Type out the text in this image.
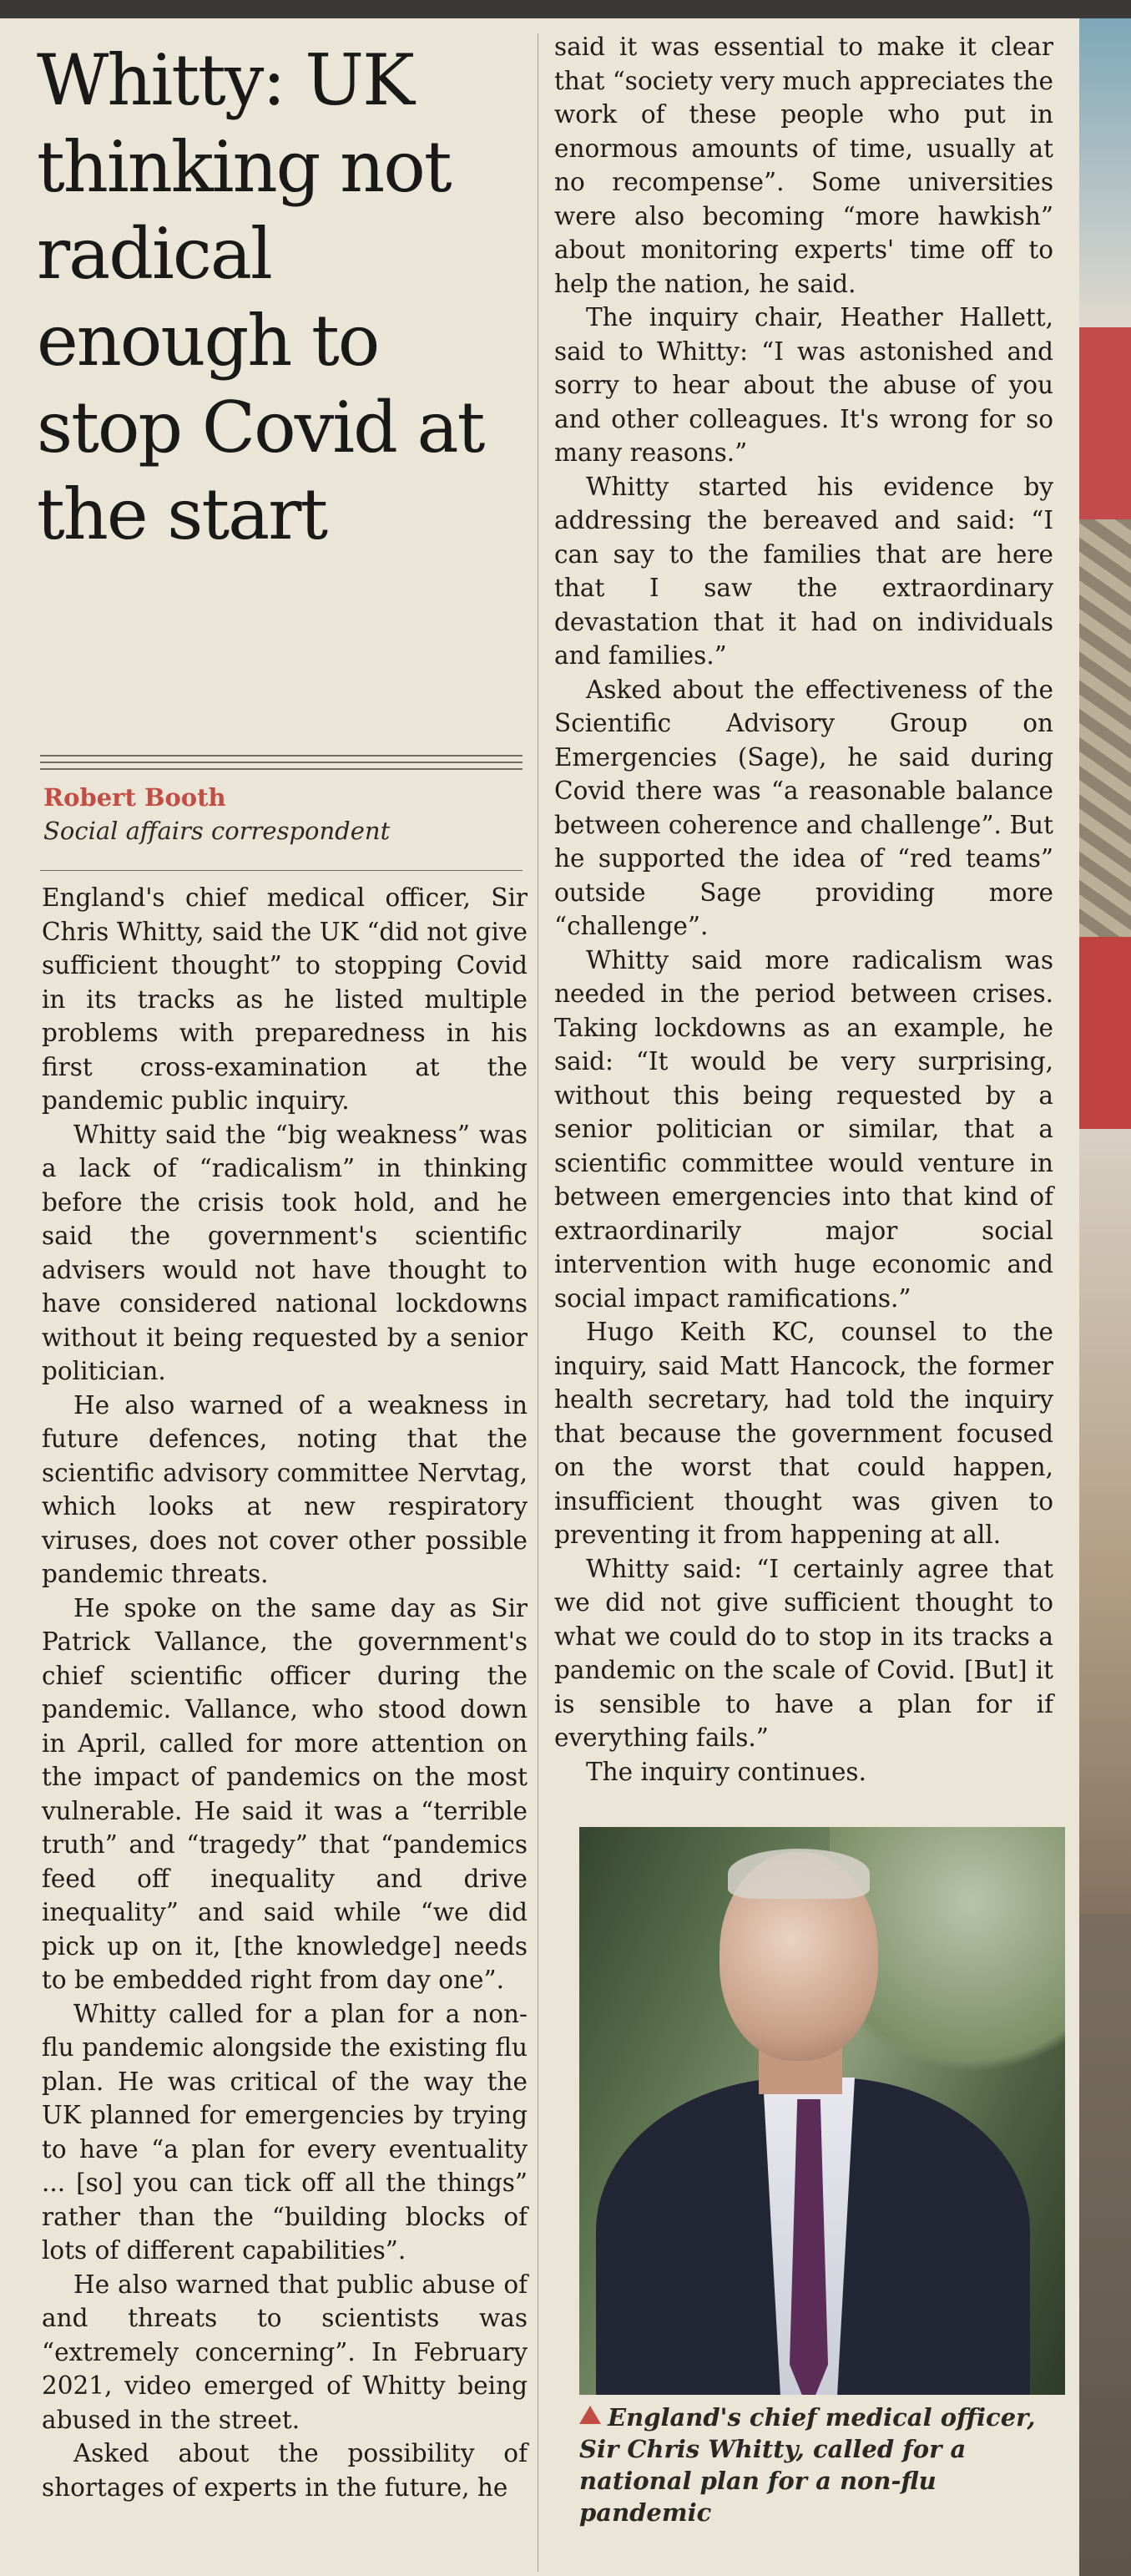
Whitty: UK thinking not radical enough to stop Covid at the start

Robert Booth

Social affairs correspondent

England's chief medical officer, Sir Chris Whitty, said the UK “did not give sufficient thought” to stopping Covid in its tracks as he listed multiple problems with preparedness in his first cross-examination at the pandemic public inquiry.

Whitty said the “big weakness” was a lack of “radicalism” in thinking before the crisis took hold, and he said the government's scientific advisers would not have thought to have considered national lockdowns without it being requested by a senior politician.

He also warned of a weakness in future defences, noting that the scientific advisory committee Nervtag, which looks at new respiratory viruses, does not cover other possible pandemic threats.

He spoke on the same day as Sir Patrick Vallance, the government's chief scientific officer during the pandemic. Vallance, who stood down in April, called for more attention on the impact of pandemics on the most vulnerable. He said it was a “terrible truth” and “tragedy” that “pandemics feed off inequality and drive inequality” and said while “we did pick up on it, [the knowledge] needs to be embedded right from day one”.

Whitty called for a plan for a non-flu pandemic alongside the existing flu plan. He was critical of the way the UK planned for emergencies by trying to have “a plan for every eventuality ... [so] you can tick off all the things” rather than the “building blocks of lots of different capabilities”.

He also warned that public abuse of and threats to scientists was “extremely concerning”. In February 2021, video emerged of Whitty being abused in the street.

Asked about the possibility of shortages of experts in the future, he

said it was essential to make it clear that “society very much appreciates the work of these people who put in enormous amounts of time, usually at no recompense”. Some universities were also becoming “more hawkish” about monitoring experts' time off to help the nation, he said.

The inquiry chair, Heather Hallett, said to Whitty: “I was astonished and sorry to hear about the abuse of you and other colleagues. It's wrong for so many reasons.”

Whitty started his evidence by addressing the bereaved and said: “I can say to the families that are here that I saw the extraordinary devastation that it had on individuals and families.”

Asked about the effectiveness of the Scientific Advisory Group on Emergencies (Sage), he said during Covid there was “a reasonable balance between coherence and challenge”. But he supported the idea of “red teams” outside Sage providing more “challenge”.

Whitty said more radicalism was needed in the period between crises. Taking lockdowns as an example, he said: “It would be very surprising, without this being requested by a senior politician or similar, that a scientific committee would venture in between emergencies into that kind of extraordinarily major social intervention with huge economic and social impact ramifications.”

Hugo Keith KC, counsel to the inquiry, said Matt Hancock, the former health secretary, had told the inquiry that because the government focused on the worst that could happen, insufficient thought was given to preventing it from happening at all.

Whitty said: “I certainly agree that we did not give sufficient thought to what we could do to stop in its tracks a pandemic on the scale of Covid. [But] it is sensible to have a plan for if everything fails.”

The inquiry continues.

England's chief medical officer, Sir Chris Whitty, called for a national plan for a non-flu pandemic
